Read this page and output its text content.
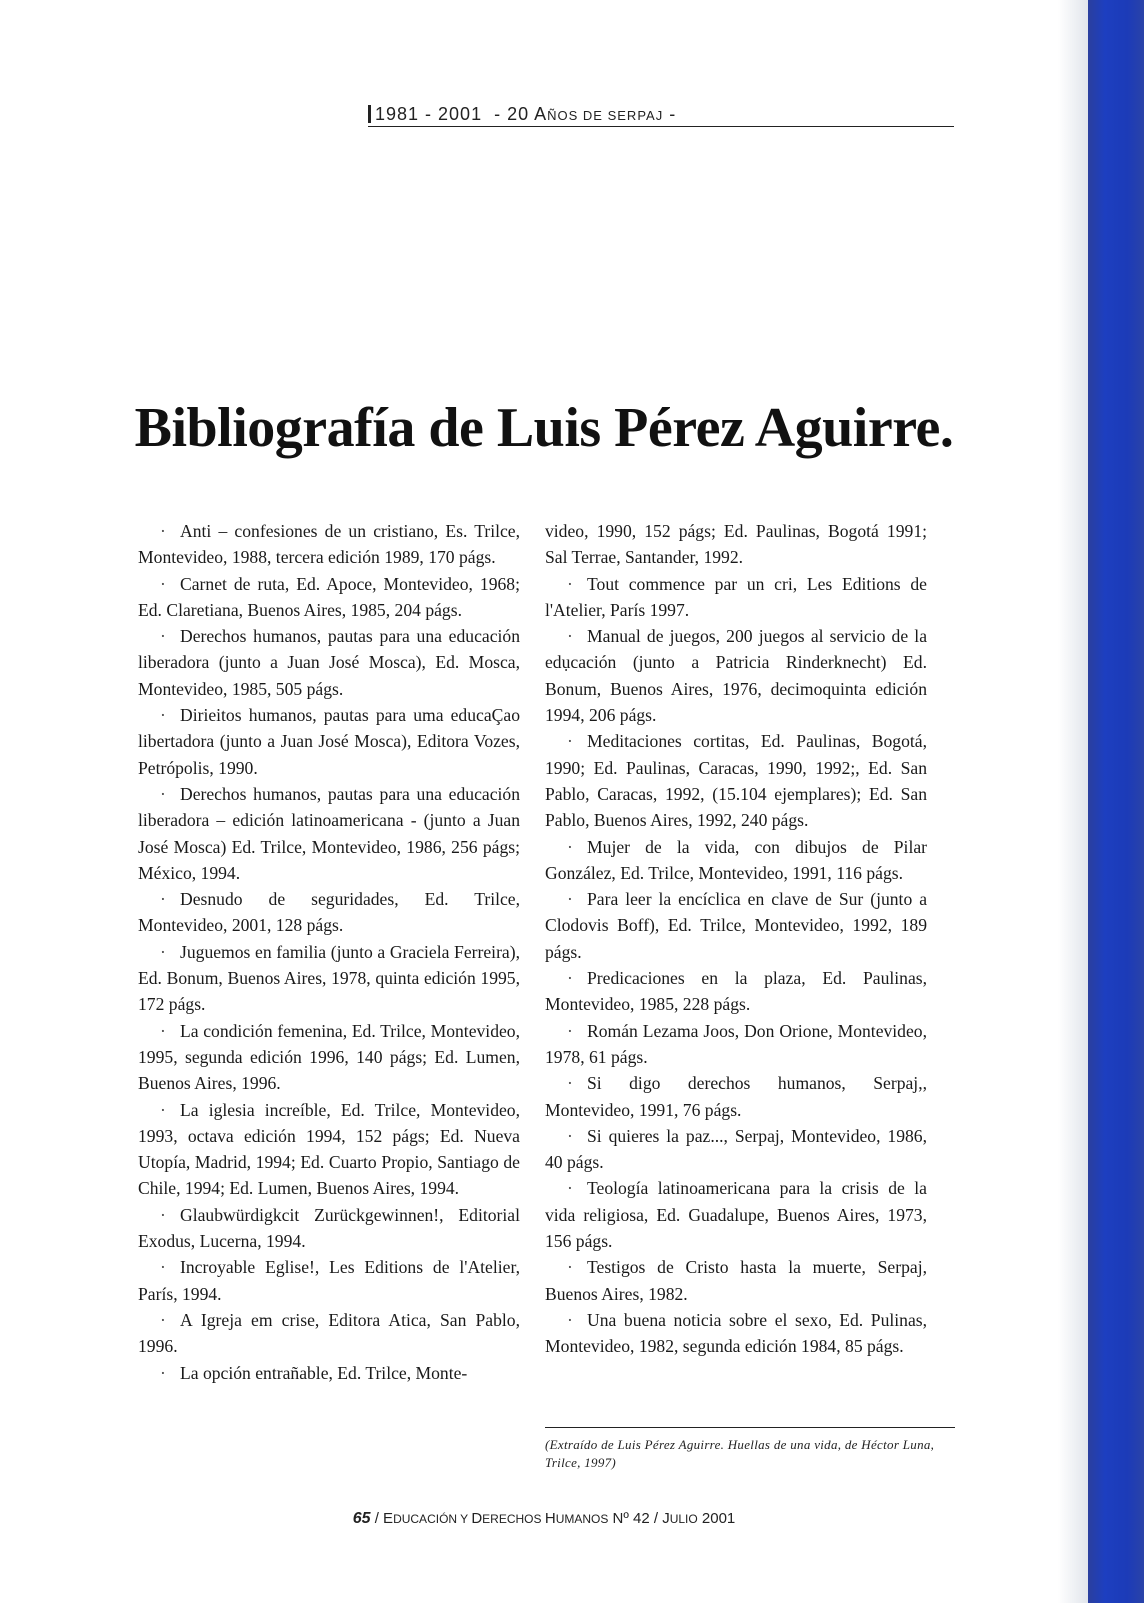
1981 - 2001 - 20 AÑOS DE SERPAJ -
Bibliografía de Luis Pérez Aguirre.

· Anti – confesiones de un cristiano, Es. Trilce, Montevideo, 1988, tercera edición 1989, 170 págs.

· Carnet de ruta, Ed. Apoce, Montevideo, 1968; Ed. Claretiana, Buenos Aires, 1985, 204 págs.

· Derechos humanos, pautas para una educación liberadora (junto a Juan José Mosca), Ed. Mosca, Montevideo, 1985, 505 págs.

· Dirieitos humanos, pautas para uma educaÇao libertadora (junto a Juan José Mosca), Editora Vozes, Petrópolis, 1990.

· Derechos humanos, pautas para una educación liberadora – edición latinoamericana - (junto a Juan José Mosca) Ed. Trilce, Montevideo, 1986, 256 págs; México, 1994.

· Desnudo de seguridades, Ed. Trilce, Montevideo, 2001, 128 págs.

· Juguemos en familia (junto a Graciela Ferreira), Ed. Bonum, Buenos Aires, 1978, quinta edición 1995, 172 págs.

· La condición femenina, Ed. Trilce, Montevideo, 1995, segunda edición 1996, 140 págs; Ed. Lumen, Buenos Aires, 1996.

· La iglesia increíble, Ed. Trilce, Montevideo, 1993, octava edición 1994, 152 págs; Ed. Nueva Utopía, Madrid, 1994; Ed. Cuarto Propio, Santiago de Chile, 1994; Ed. Lumen, Buenos Aires, 1994.

· Glaubwürdigkcit Zurückgewinnen!, Editorial Exodus, Lucerna, 1994.

· Incroyable Eglise!, Les Editions de l'Atelier, París, 1994.

· A Igreja em crise, Editora Atica, San Pablo, 1996.

· La opción entrañable, Ed. Trilce, Monte-

video, 1990, 152 págs; Ed. Paulinas, Bogotá 1991; Sal Terrae, Santander, 1992.

· Tout commence par un cri, Les Editions de l'Atelier, París 1997.

· Manual de juegos, 200 juegos al servicio de la edụcación (junto a Patricia Rinderknecht) Ed. Bonum, Buenos Aires, 1976, decimoquinta edición 1994, 206 págs.

· Meditaciones cortitas, Ed. Paulinas, Bogotá, 1990; Ed. Paulinas, Caracas, 1990, 1992;, Ed. San Pablo, Caracas, 1992, (15.104 ejemplares); Ed. San Pablo, Buenos Aires, 1992, 240 págs.

· Mujer de la vida, con dibujos de Pilar González, Ed. Trilce, Montevideo, 1991, 116 págs.

· Para leer la encíclica en clave de Sur (junto a Clodovis Boff), Ed. Trilce, Montevideo, 1992, 189 págs.

· Predicaciones en la plaza, Ed. Paulinas, Montevideo, 1985, 228 págs.

· Román Lezama Joos, Don Orione, Montevideo, 1978, 61 págs.

· Si digo derechos humanos, Serpaj,, Montevideo, 1991, 76 págs.

· Si quieres la paz..., Serpaj, Montevideo, 1986, 40 págs.

· Teología latinoamericana para la crisis de la vida religiosa, Ed. Guadalupe, Buenos Aires, 1973, 156 págs.

· Testigos de Cristo hasta la muerte, Serpaj, Buenos Aires, 1982.

· Una buena noticia sobre el sexo, Ed. Pulinas, Montevideo, 1982, segunda edición 1984, 85 págs.

(Extraído de Luis Pérez Aguirre. Huellas de una vida, de Héctor Luna, Trilce, 1997)
65 / EDUCACIÓN Y DERECHOS HUMANOS Nº 42 / JULIO 2001
